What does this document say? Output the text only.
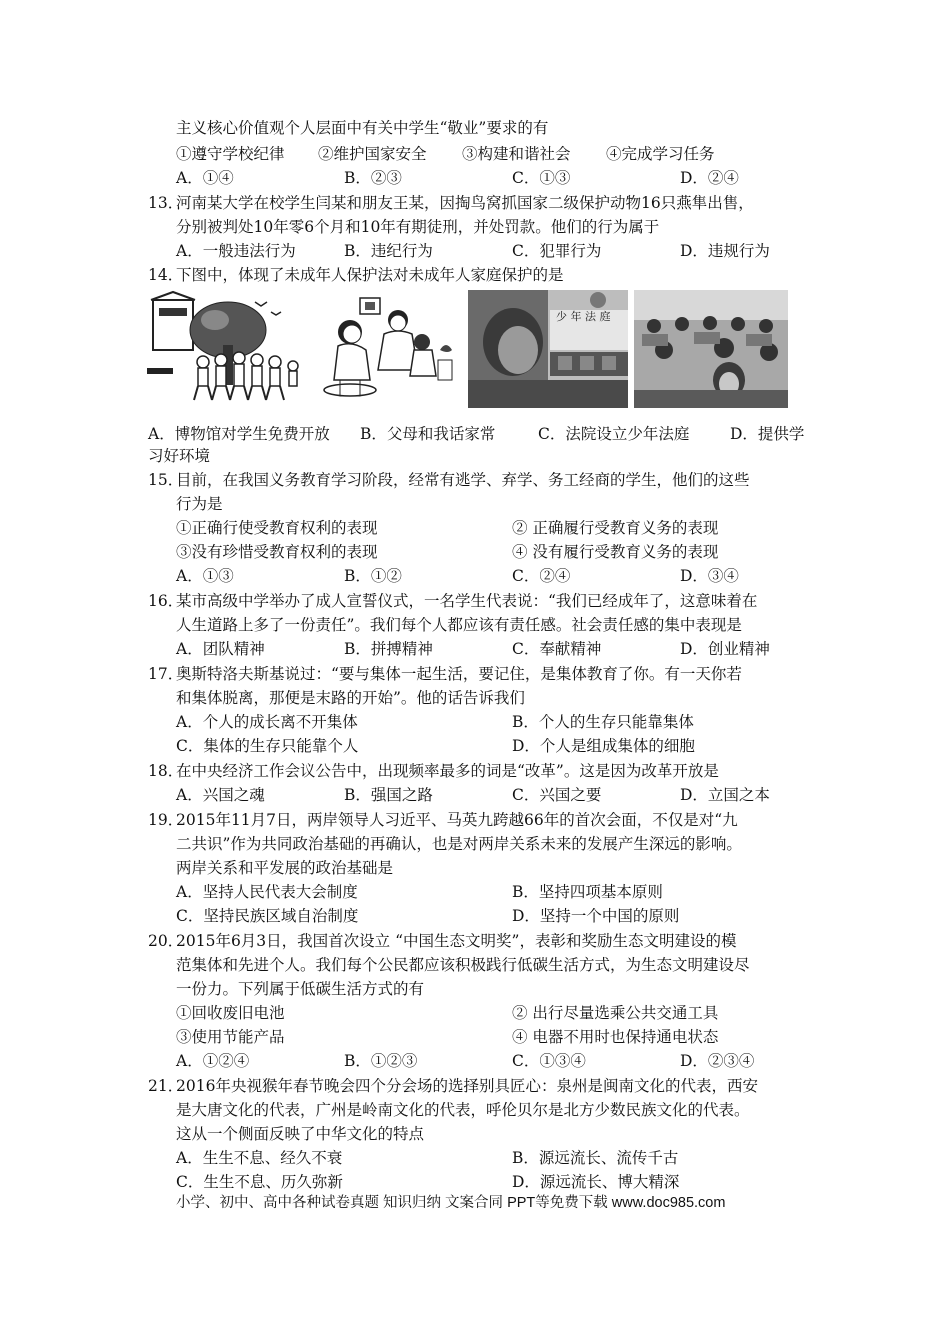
主义核心价值观个人层面中有关中学生“敬业”要求的有
①遵守学校纪律 ②维护国家安全 ③构建和谐社会 ④完成学习任务
A．①④	B．②③	C．①③	D．②④
13．
河南某大学在校学生闫某和朋友王某，因掏鸟窝抓国家二级保护动物16只燕隼出售，
分别被判处10年零6个月和10年有期徒刑，并处罚款。他们的行为属于
A．一般违法行为	B．违纪行为	C．犯罪行为	D．违规行为
14．
下图中，体现了未成年人保护法对未成年人家庭保护的是
少 年 法 庭
A．博物馆对学生免费开放 B．父母和我话家常	C．法院设立少年法庭	D．提供学
习好环境
15．
目前，在我国义务教育学习阶段，经常有逃学、弃学、务工经商的学生，他们的这些
行为是
①正确行使受教育权利的表现	② 正确履行受教育义务的表现
③没有珍惜受教育权利的表现	④ 没有履行受教育义务的表现
A．①③	B．①②	C．②④	D．③④
16．
某市高级中学举办了成人宣誓仪式，一名学生代表说：“我们已经成年了，这意味着在
人生道路上多了一份责任”。我们每个人都应该有责任感。社会责任感的集中表现是
A．团队精神	B．拼搏精神	C．奉献精神	D．创业精神
17．
奥斯特洛夫斯基说过：“要与集体一起生活，要记住，是集体教育了你。有一天你若
和集体脱离，那便是末路的开始”。他的话告诉我们
A．个人的成长离不开集体	B．个人的生存只能靠集体
C．集体的生存只能靠个人	D．个人是组成集体的细胞
18．
在中央经济工作会议公告中，出现频率最多的词是“改革”。这是因为改革开放是
A．兴国之魂	B．强国之路	C．兴国之要	D．立国之本
19．
2015年11月7日，两岸领导人习近平、马英九跨越66年的首次会面，不仅是对“九
二共识”作为共同政治基础的再确认，也是对两岸关系未来的发展产生深远的影响。
两岸关系和平发展的政治基础是
A．坚持人民代表大会制度	B．坚持四项基本原则
C．坚持民族区域自治制度	D．坚持一个中国的原则
20．
2015年6月3日，我国首次设立 “中国生态文明奖”，表彰和奖励生态文明建设的模
范集体和先进个人。我们每个公民都应该积极践行低碳生活方式，为生态文明建设尽
一份力。下列属于低碳生活方式的有
①回收废旧电池	② 出行尽量选乘公共交通工具
③使用节能产品	④ 电器不用时也保持通电状态
A．①②④	B．①②③	C．①③④	D．②③④
21．
2016年央视猴年春节晚会四个分会场的选择别具匠心：泉州是闽南文化的代表，西安
是大唐文化的代表，广州是岭南文化的代表，呼伦贝尔是北方少数民族文化的代表。
这从一个侧面反映了中华文化的特点
A．生生不息、经久不衰	B．源远流长、流传千古
C．生生不息、历久弥新	D．源远流长、博大精深
小学、初中、高中各种试卷真题 知识归纳 文案合同 PPT等免费下载 www.doc985.com
